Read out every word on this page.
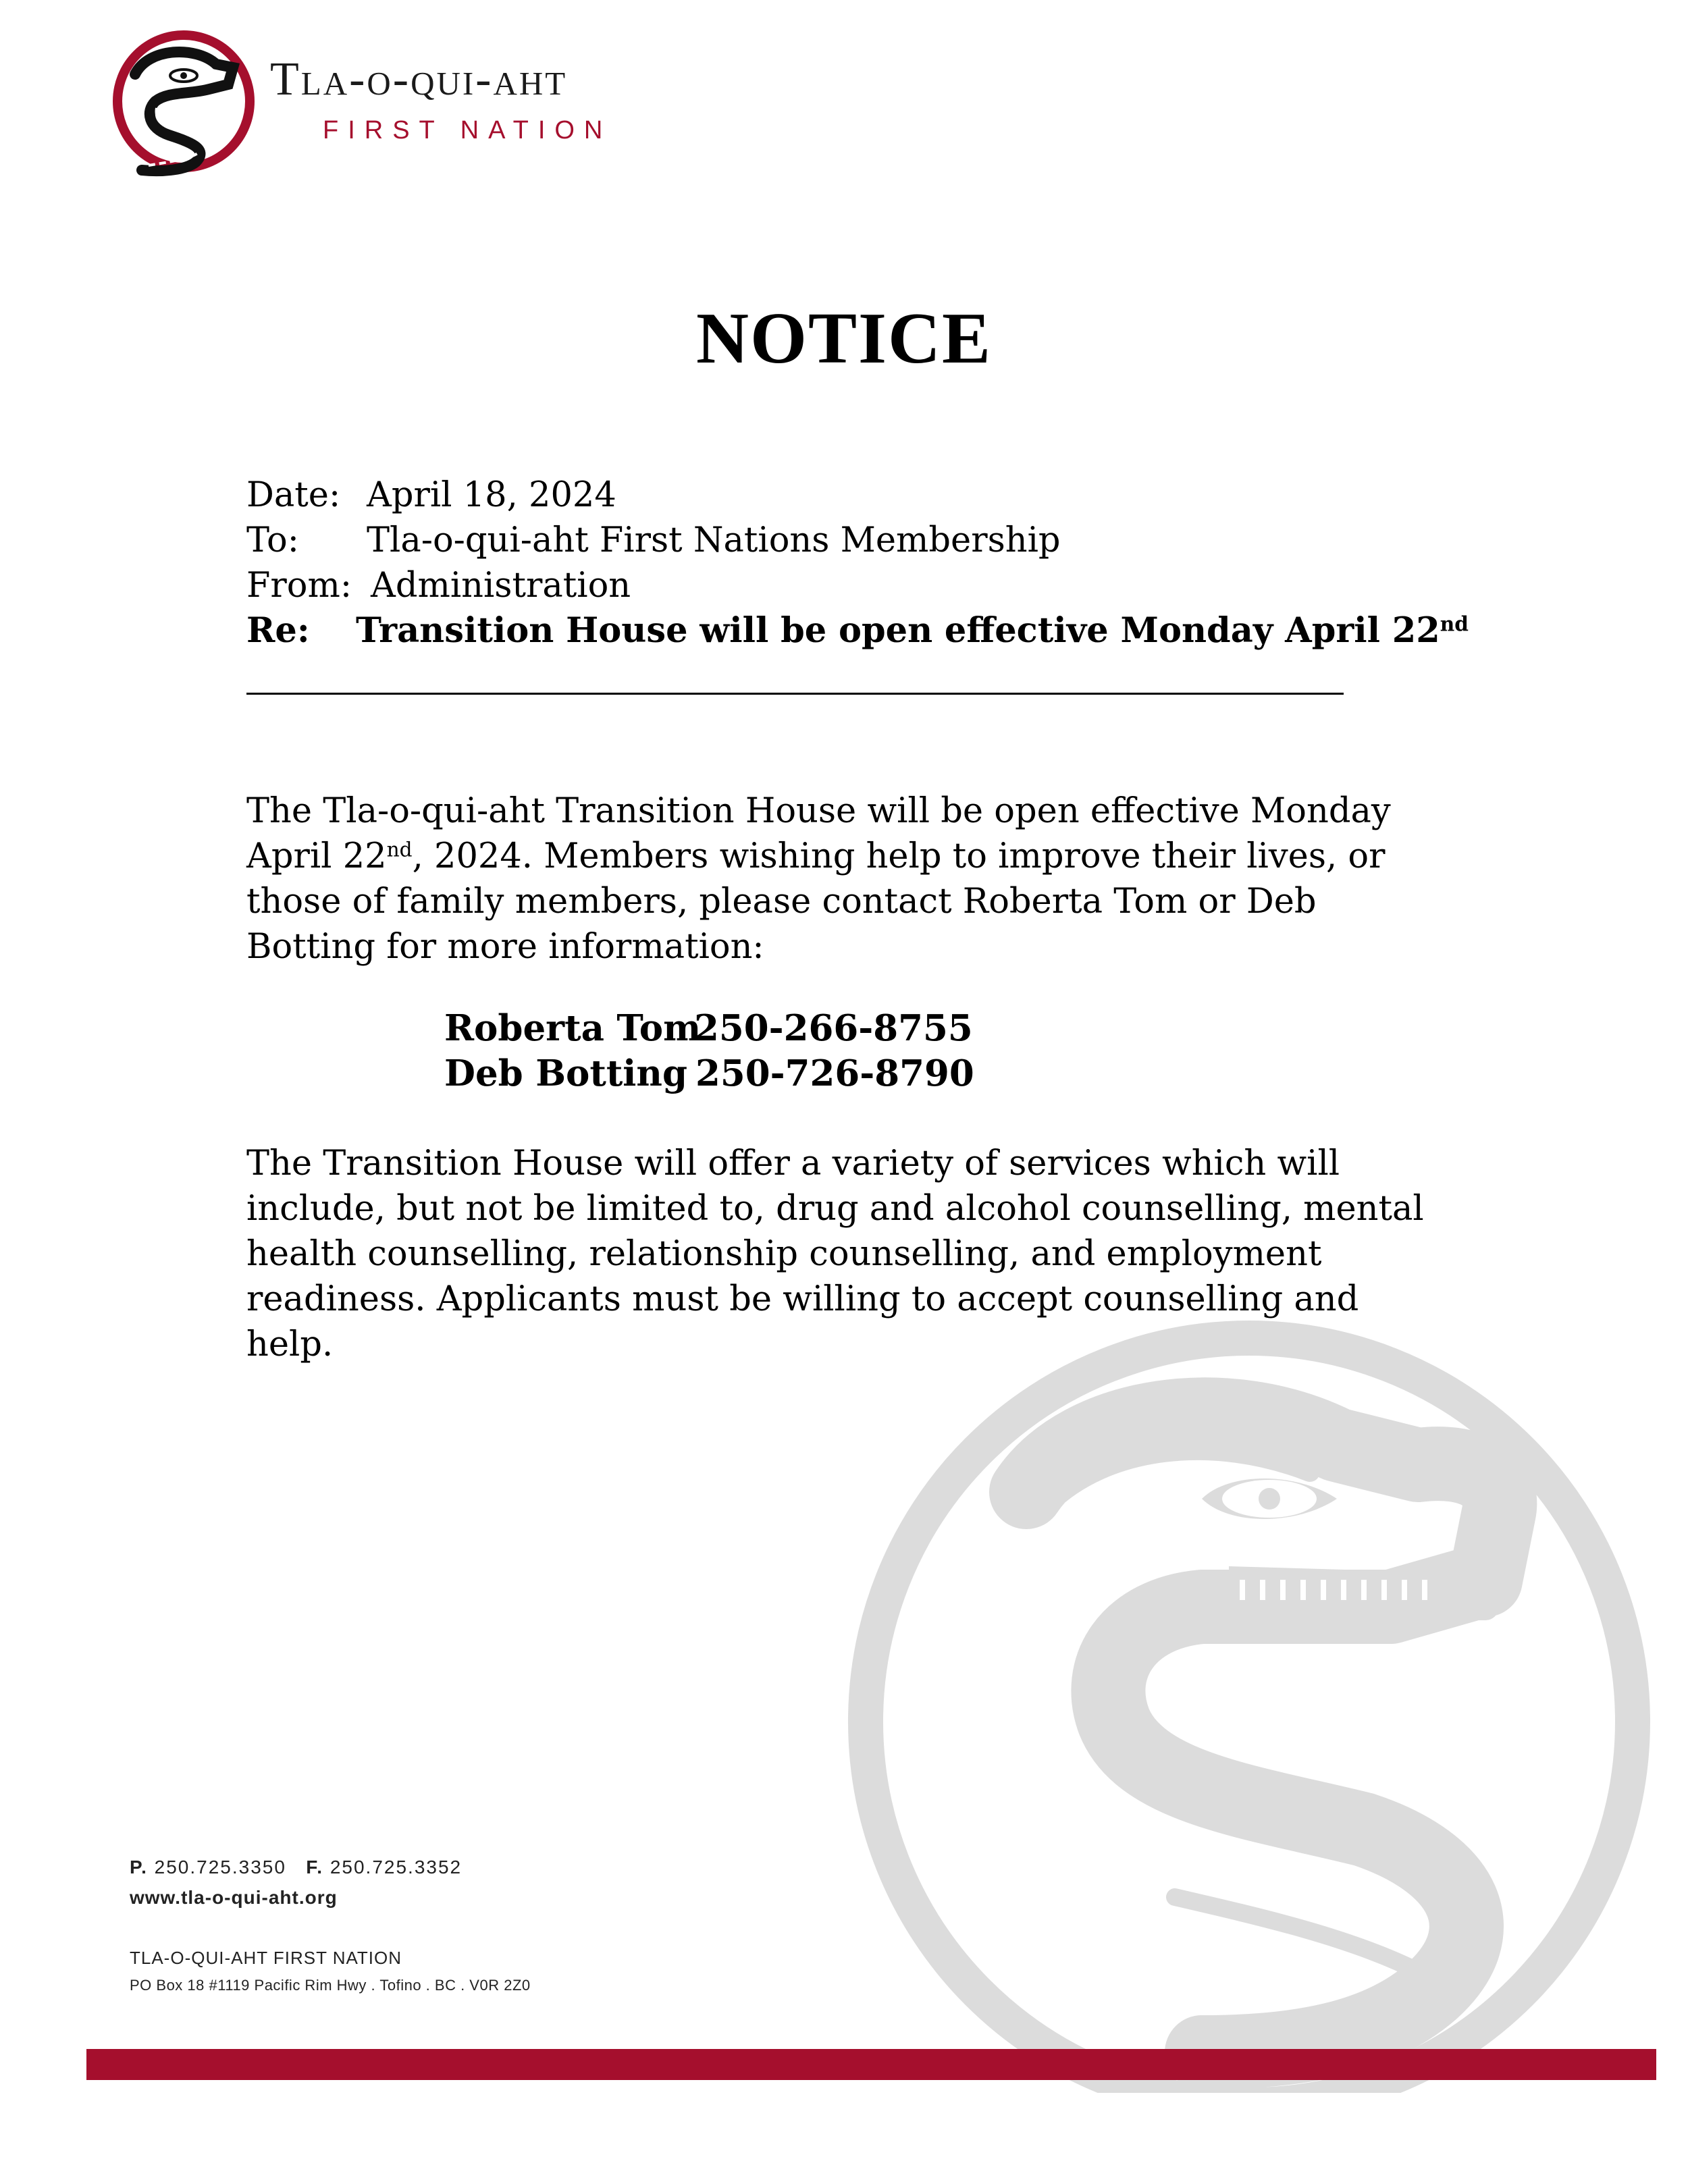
Tla-o-qui-aht
FIRST NATION
NOTICE
Date: April 18, 2024
To: Tla-o-qui-aht First Nations Membership
From: Administration
Re: Transition House will be open effective Monday April 22nd
The Tla-o-qui-aht Transition House will be open effective Monday April 22nd, 2024. Members wishing help to improve their lives, or those of family members, please contact Roberta Tom or Deb Botting for more information:
Roberta Tom
250-266-8755
Deb Botting 250-726-8790
The Transition House will offer a variety of services which will include, but not be limited to, drug and alcohol counselling, mental health counselling, relationship counselling, and employment readiness. Applicants must be willing to accept counselling and help.
P. 250.725.3350 F. 250.725.3352
www.tla-o-qui-aht.org
TLA-O-QUI-AHT FIRST NATION
PO Box 18 #1119 Pacific Rim Hwy . Tofino . BC . V0R 2Z0
